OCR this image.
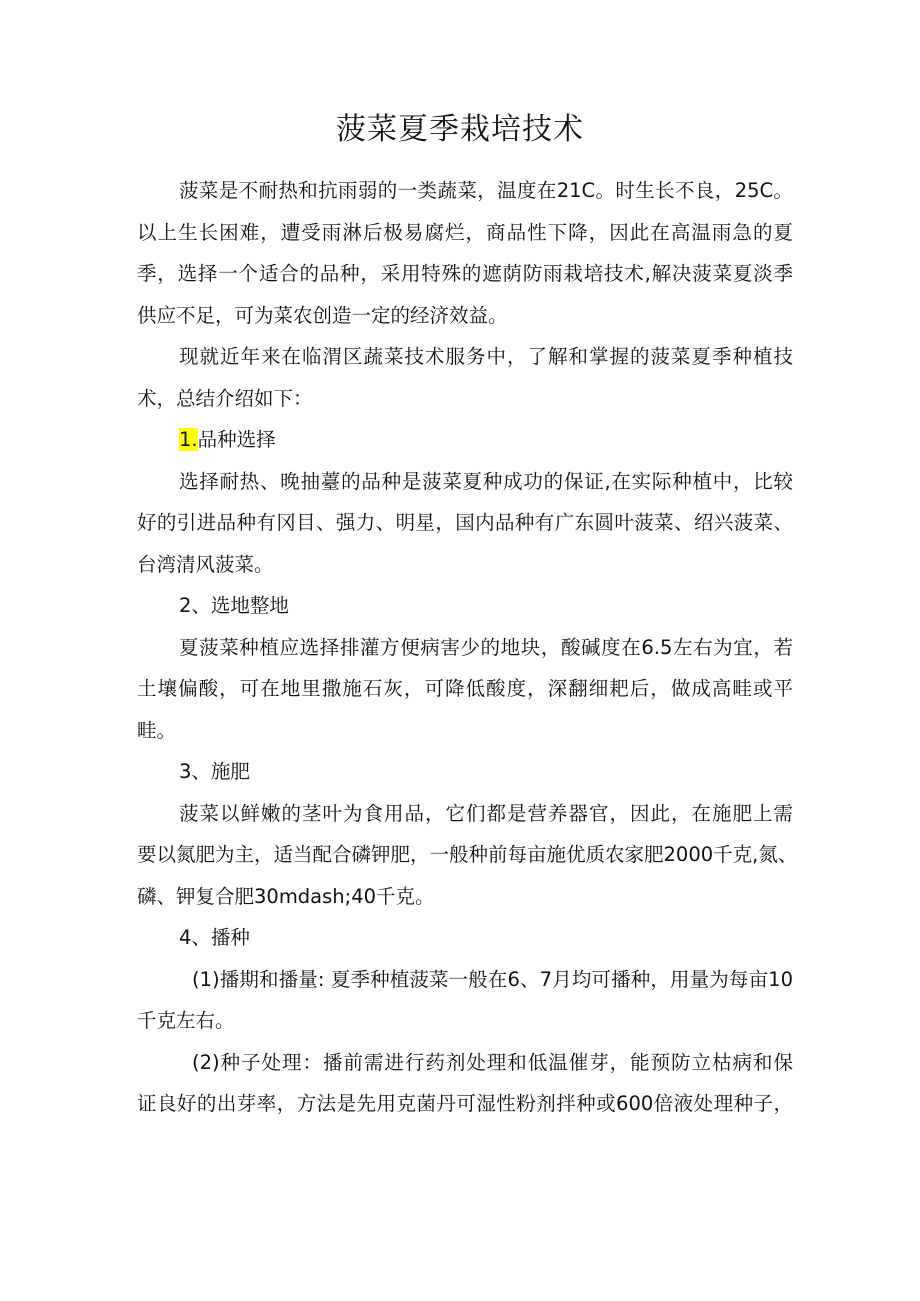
菠菜夏季栽培技术

菠菜是不耐热和抗雨弱的一类蔬菜，温度在21C。时生长不良，25C。

以上生长困难，遭受雨淋后极易腐烂，商品性下降，因此在高温雨急的夏

季，选择一个适合的品种，采用特殊的遮荫防雨栽培技术,解决菠菜夏淡季

供应不足，可为菜农创造一定的经济效益。

现就近年来在临渭区蔬菜技术服务中，了解和掌握的菠菜夏季种植技

术，总结介绍如下：

1.品种选择

选择耐热、晚抽薹的品种是菠菜夏种成功的保证,在实际种植中，比较

好的引进品种有冈目、强力、明星，国内品种有广东圆叶菠菜、绍兴菠菜、

台湾清风菠菜。

2、选地整地

夏菠菜种植应选择排灌方便病害少的地块，酸碱度在6.5左右为宜，若

土壤偏酸，可在地里撒施石灰，可降低酸度，深翻细耙后，做成高畦或平

畦。

3、施肥

菠菜以鲜嫩的茎叶为食用品，它们都是营养器官，因此，在施肥上需

要以氮肥为主，适当配合磷钾肥，一般种前每亩施优质农家肥2000千克,氮、

磷、钾复合肥30mdash;40千克。

4、播种

(1)播期和播量: 夏季种植菠菜一般在6、7月均可播种，用量为每亩10

千克左右。

(2)种子处理：播前需进行药剂处理和低温催芽，能预防立枯病和保

证良好的出芽率，方法是先用克菌丹可湿性粉剂拌种或600倍液处理种子，
